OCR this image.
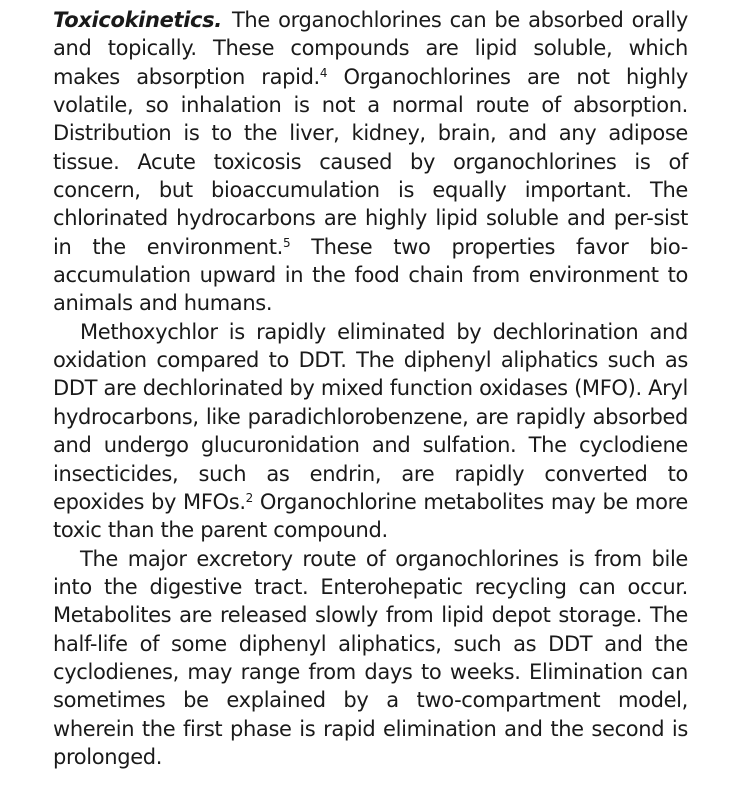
Toxicokinetics. The organochlorines can be absorbed orally and topically. These compounds are lipid soluble, which makes absorption rapid.$^4$ Organochlorines are not highly volatile, so inhalation is not a normal route of absorption. Distribution is to the liver, kidney, brain, and any adipose tissue. Acute toxicosis caused by organochlorines is of concern, but bioaccumulation is equally important. The chlorinated hydrocarbons are highly lipid soluble and per-sist in the environment.$^5$ These two properties favor bio-accumulation upward in the food chain from environment to animals and humans.

Methoxychlor is rapidly eliminated by dechlorination and oxidation compared to DDT. The diphenyl aliphatics such as DDT are dechlorinated by mixed function oxidases (MFO). Aryl hydrocarbons, like paradichlorobenzene, are rapidly absorbed and undergo glucuronidation and sulfation. The cyclodiene insecticides, such as endrin, are rapidly converted to epoxides by MFOs.$^2$ Organochlorine metabolites may be more toxic than the parent compound.

The major excretory route of organochlorines is from bile into the digestive tract. Enterohepatic recycling can occur. Metabolites are released slowly from lipid depot storage. The half-life of some diphenyl aliphatics, such as DDT and the cyclodienes, may range from days to weeks. Elimination can sometimes be explained by a two-compartment model, wherein the first phase is rapid elimination and the second is prolonged.
